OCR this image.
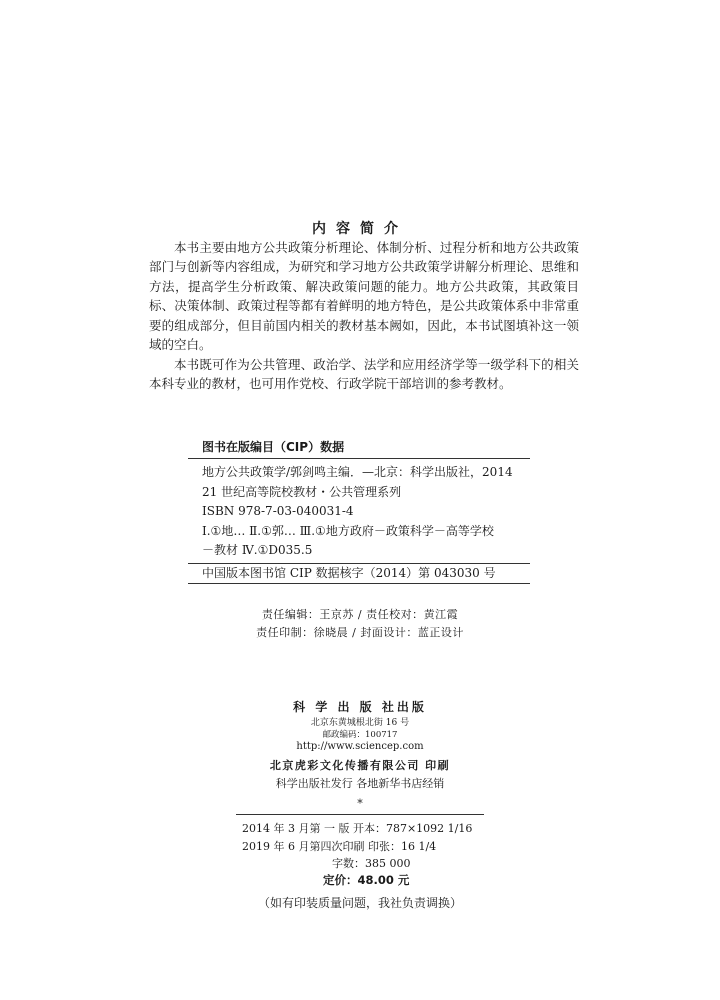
内容简介

本书主要由地方公共政策分析理论、体制分析、过程分析和地方公共政策部门与创新等内容组成，为研究和学习地方公共政策学讲解分析理论、思维和方法，提高学生分析政策、解决政策问题的能力。地方公共政策，其政策目标、决策体制、政策过程等都有着鲜明的地方特色，是公共政策体系中非常重要的组成部分，但目前国内相关的教材基本阙如，因此，本书试图填补这一领域的空白。

本书既可作为公共管理、政治学、法学和应用经济学等一级学科下的相关本科专业的教材，也可用作党校、行政学院干部培训的参考教材。

图书在版编目（CIP）数据
地方公共政策学/郭剑鸣主编．—北京：科学出版社，2014
21 世纪高等院校教材・公共管理系列
ISBN 978-7-03-040031-4
Ⅰ.①地… Ⅱ.①郭… Ⅲ.①地方政府－政策科学－高等学校
－教材 Ⅳ.①D035.5
中国版本图书馆 CIP 数据核字（2014）第 043030 号
责任编辑：王京苏 / 责任校对：黄江霞
责任印制：徐晓晨 / 封面设计：蓝正设计
科 学 出 版 社出版
北京东黄城根北街 16 号
邮政编码：100717
http://www.sciencep.com
北京虎彩文化传播有限公司 印刷
科学出版社发行 各地新华书店经销
*
2014 年 3 月第 一 版 开本：787×1092 1/16
2019 年 6 月第四次印刷 印张：16 1/4
字数：385 000
定价：48.00 元
（如有印装质量问题，我社负责调换）
